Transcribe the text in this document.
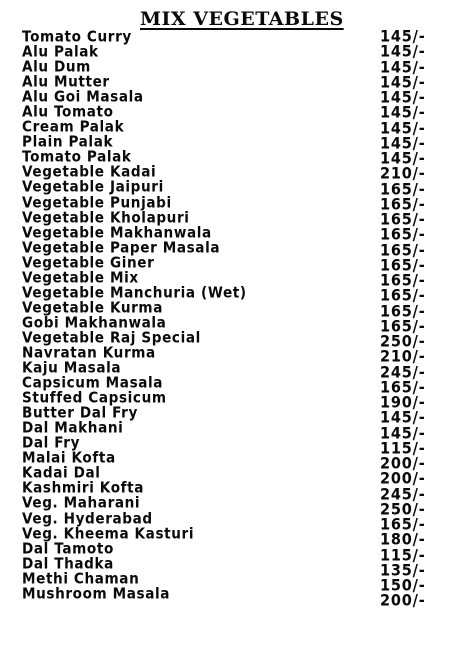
MIX VEGETABLES
Tomato Curry
Alu Palak
Alu Dum
Alu Mutter
Alu Goi Masala
Alu Tomato
Cream Palak
Plain Palak
Tomato Palak
Vegetable Kadai
Vegetable Jaipuri
Vegetable Punjabi
Vegetable Kholapuri
Vegetable Makhanwala
Vegetable Paper Masala
Vegetable Giner
Vegetable Mix
Vegetable Manchuria (Wet)
Vegetable Kurma
Gobi Makhanwala
Vegetable Raj Special
Navratan Kurma
Kaju Masala
Capsicum Masala
Stuffed Capsicum
Butter Dal Fry
Dal Makhani
Dal Fry
Malai Kofta
Kadai Dal
Kashmiri Kofta
Veg. Maharani
Veg. Hyderabad
Veg. Kheema Kasturi
Dal Tamoto
Dal Thadka
Methi Chaman
Mushroom Masala
145/-
145/-
145/-
145/-
145/-
145/-
145/-
145/-
145/-
210/-
165/-
165/-
165/-
165/-
165/-
165/-
165/-
165/-
165/-
165/-
250/-
210/-
245/-
165/-
190/-
145/-
145/-
115/-
200/-
200/-
245/-
250/-
165/-
180/-
115/-
135/-
150/-
200/-
